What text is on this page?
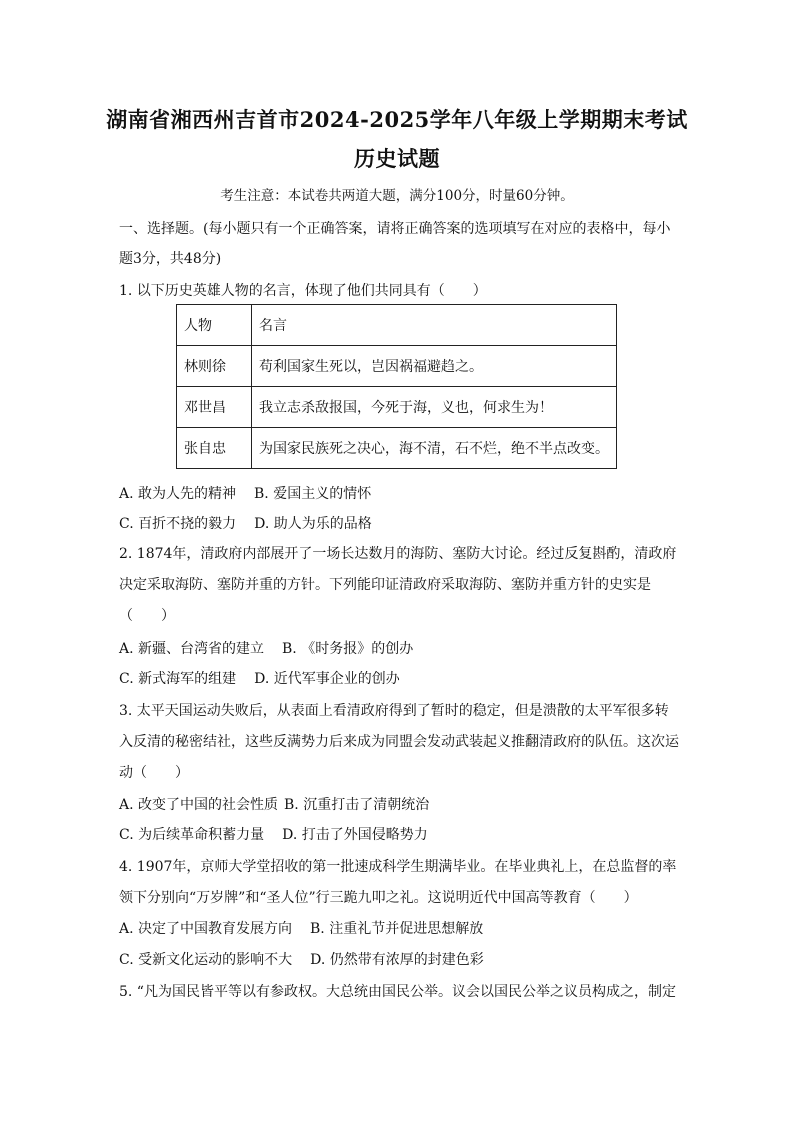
湖南省湘西州吉首市2024-2025学年八年级上学期期末考试
历史试题
考生注意：本试卷共两道大题，满分100分，时量60分钟。
一、选择题。(每小题只有一个正确答案，请将正确答案的选项填写在对应的表格中，每小
题3分，共48分)
1. 以下历史英雄人物的名言，体现了他们共同具有（　　）
人物	名言
林则徐	苟利国家生死以，岂因祸福避趋之。
邓世昌	我立志杀敌报国，今死于海，义也，何求生为！
张自忠	为国家民族死之决心，海不清，石不烂，绝不半点改变。
A. 敢为人先的精神 B. 爱国主义的情怀
C. 百折不挠的毅力 D. 助人为乐的品格
2. 1874年，清政府内部展开了一场长达数月的海防、塞防大讨论。经过反复斟酌，清政府
决定采取海防、塞防并重的方针。下列能印证清政府采取海防、塞防并重方针的史实是
（　　）
A. 新疆、台湾省的建立 B. 《时务报》的创办
C. 新式海军的组建 D. 近代军事企业的创办
3. 太平天国运动失败后，从表面上看清政府得到了暂时的稳定，但是溃散的太平军很多转
入反清的秘密结社，这些反满势力后来成为同盟会发动武装起义推翻清政府的队伍。这次运
动（　　）
A. 改变了中国的社会性质 B. 沉重打击了清朝统治
C. 为后续革命积蓄力量 D. 打击了外国侵略势力
4. 1907年，京师大学堂招收的第一批速成科学生期满毕业。在毕业典礼上，在总监督的率
领下分别向“万岁牌”和“圣人位”行三跪九叩之礼。这说明近代中国高等教育（　　）
A. 决定了中国教育发展方向 B. 注重礼节并促进思想解放
C. 受新文化运动的影响不大 D. 仍然带有浓厚的封建色彩
5. “凡为国民皆平等以有参政权。大总统由国民公举。议会以国民公举之议员构成之，制定
